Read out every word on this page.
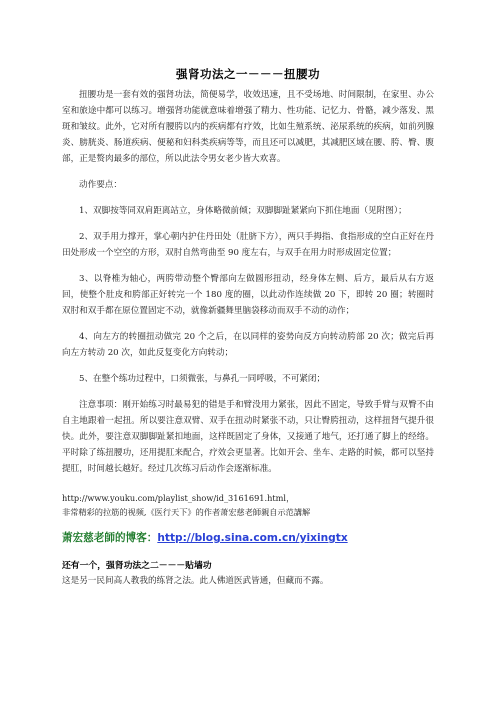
强肾功法之一－－－扭腰功

扭腰功是一套有效的强肾功法，简便易学，收效迅速，且不受场地、时间限制，在家里、办公室和旅途中都可以练习。增强肾功能就意味着增强了精力、性功能、记忆力、骨骼，减少落发、黑斑和皱纹。此外，它对所有腰胯以内的疾病都有疗效，比如生殖系统、泌尿系统的疾病，如前列腺炎、膀胱炎、肠道疾病、便秘和妇科类疾病等等，而且还可以减肥，其减肥区域在腰、胯、臀、腹部，正是赘肉最多的部位，所以此法令男女老少皆大欢喜。

动作要点：

1、双脚按等同双肩距离站立，身体略微前倾；双脚脚趾紧紧向下抓住地面（见附图）；

2、双手用力撑开，掌心朝内护住丹田处（肚脐下方），两只手拇指、食指形成的空白正好在丹田处形成一个空空的方形，双肘自然弯曲至 90 度左右，与双手在用力时形成固定位置；

3、以脊椎为轴心，两胯带动整个臀部向左做圆形扭动，经身体左侧、后方，最后从右方返回，使整个肚皮和胯部正好转完一个 180 度的圈，以此动作连续做 20 下，即转 20 圈；转圈时双肘和双手都在原位置固定不动，就像新疆舞里脑袋移动而双手不动的动作；

4、向左方的转圈扭动做完 20 个之后，在以同样的姿势向反方向转动胯部 20 次；做完后再向左方转动 20 次，如此反复变化方向转动；

5、在整个练功过程中，口须微张，与鼻孔一同呼吸，不可紧闭；

注意事项：刚开始练习时最易犯的错是手和臂没用力紧张，因此不固定，导致手臂与双臀不由自主地跟着一起扭。所以要注意双臂、双手在扭动时紧张不动，只让臀胯扭动，这样扭肾气提升很快。此外，要注意双脚脚趾紧扣地面，这样既固定了身体，又接通了地气，还打通了脚上的经络。平时除了练扭腰功，还用提肛来配合，疗效会更显著。比如开会、坐车、走路的时候，都可以坚持提肛，时间越长越好。经过几次练习后动作会逐渐标准。

http://www.youku.com/playlist_show/id_3161691.html，
非常精彩的拉筋的视频,《医行天下》的作者萧宏慈老師親自示范講解
萧宏慈老師的博客：http://blog.sina.com.cn/yixingtx
还有一个，强肾功法之二－－－贴墙功
这是另一民间高人教我的练肾之法。此人佛道医武皆通，但藏而不露。
